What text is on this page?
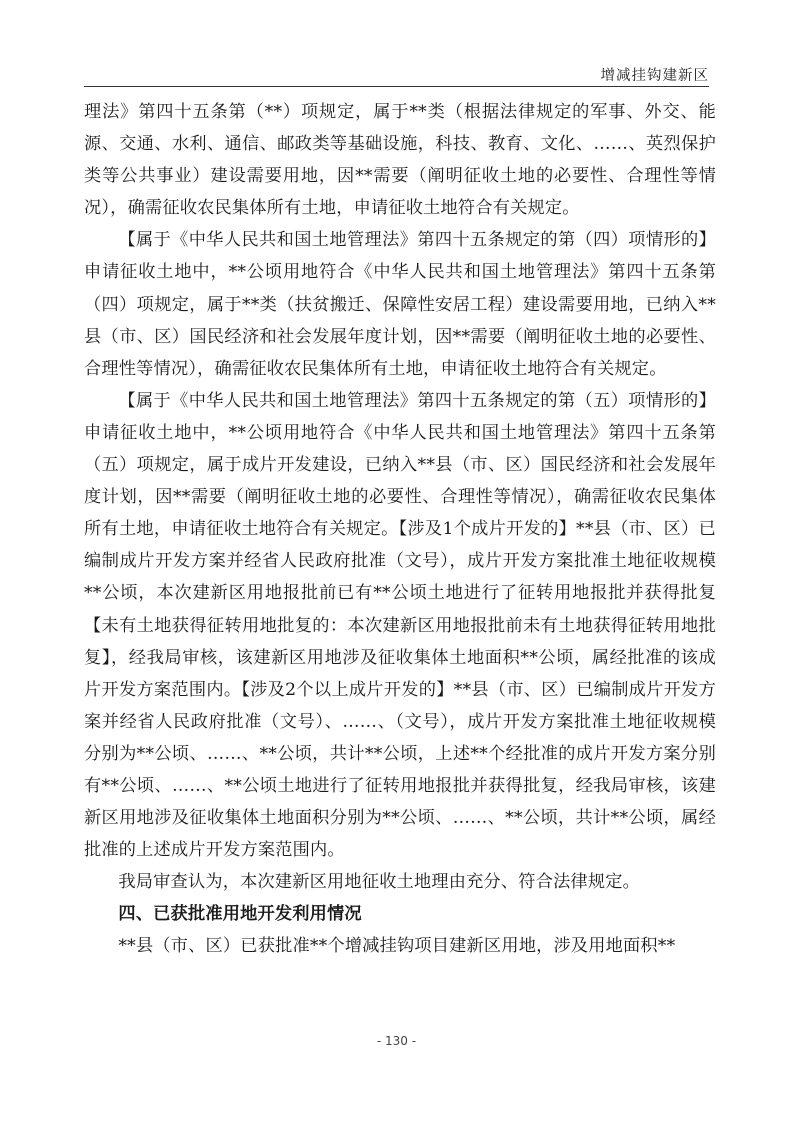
增减挂钩建新区

理法》第四十五条第（**）项规定，属于**类（根据法律规定的军事、外交、能源、交通、水利、通信、邮政类等基础设施，科技、教育、文化、……、英烈保护类等公共事业）建设需要用地，因**需要（阐明征收土地的必要性、合理性等情况），确需征收农民集体所有土地，申请征收土地符合有关规定。

【属于《中华人民共和国土地管理法》第四十五条规定的第（四）项情形的】申请征收土地中，**公顷用地符合《中华人民共和国土地管理法》第四十五条第（四）项规定，属于**类（扶贫搬迁、保障性安居工程）建设需要用地，已纳入**县（市、区）国民经济和社会发展年度计划，因**需要（阐明征收土地的必要性、合理性等情况），确需征收农民集体所有土地，申请征收土地符合有关规定。

【属于《中华人民共和国土地管理法》第四十五条规定的第（五）项情形的】申请征收土地中，**公顷用地符合《中华人民共和国土地管理法》第四十五条第（五）项规定，属于成片开发建设，已纳入**县（市、区）国民经济和社会发展年度计划，因**需要（阐明征收土地的必要性、合理性等情况），确需征收农民集体所有土地，申请征收土地符合有关规定。【涉及1个成片开发的】**县（市、区）已编制成片开发方案并经省人民政府批准（文号），成片开发方案批准土地征收规模**公顷，本次建新区用地报批前已有**公顷土地进行了征转用地报批并获得批复【未有土地获得征转用地批复的：本次建新区用地报批前未有土地获得征转用地批复】，经我局审核，该建新区用地涉及征收集体土地面积**公顷，属经批准的该成片开发方案范围内。【涉及2个以上成片开发的】**县（市、区）已编制成片开发方案并经省人民政府批准（文号）、……、（文号），成片开发方案批准土地征收规模分别为**公顷、……、**公顷，共计**公顷，上述**个经批准的成片开发方案分别有**公顷、……、**公顷土地进行了征转用地报批并获得批复，经我局审核，该建新区用地涉及征收集体土地面积分别为**公顷、……、**公顷，共计**公顷，属经批准的上述成片开发方案范围内。

我局审查认为，本次建新区用地征收土地理由充分、符合法律规定。

四、已获批准用地开发利用情况

**县（市、区）已获批准**个增减挂钩项目建新区用地，涉及用地面积**

- 130 -
